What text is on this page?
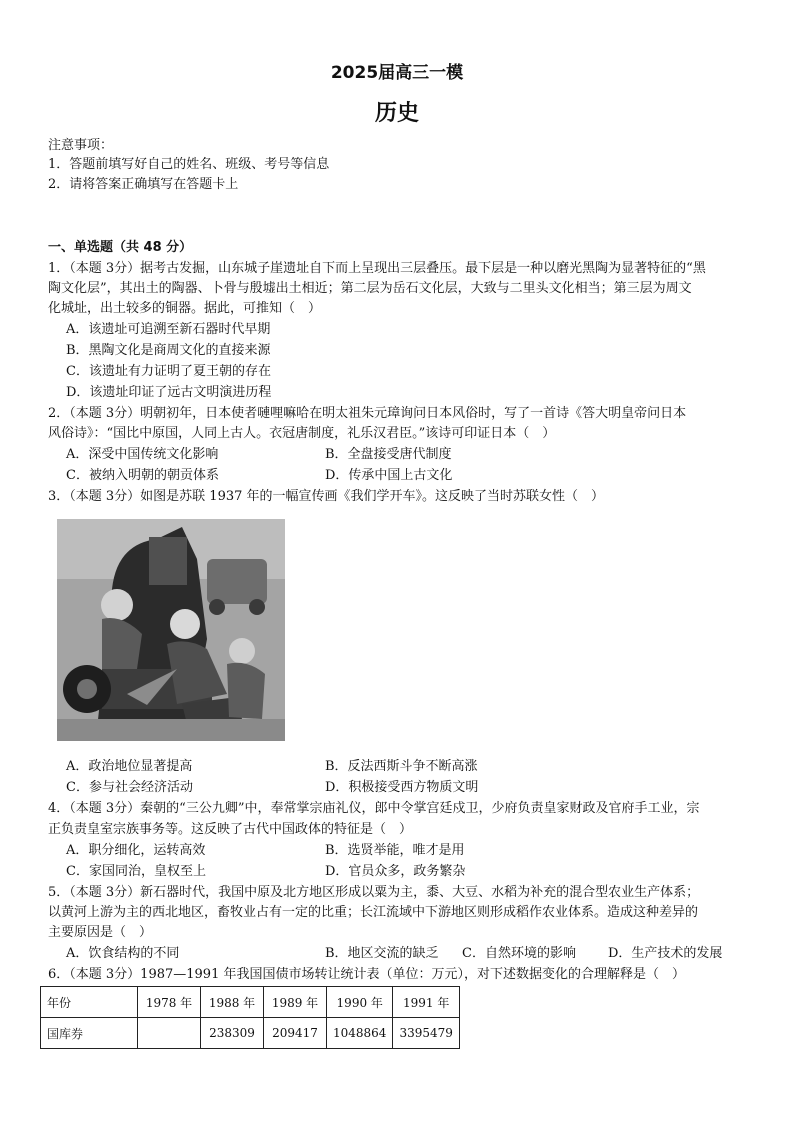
2025届高三一模
历史
注意事项：
1．答题前填写好自己的姓名、班级、考号等信息
2．请将答案正确填写在答题卡上
一、单选题（共 48 分）
1．（本题 3分）据考古发掘，山东城子崖遗址自下而上呈现出三层叠压。最下层是一种以磨光黑陶为显著特征的“黑
陶文化层”，其出土的陶器、卜骨与殷墟出土相近；第二层为岳石文化层，大致与二里头文化相当；第三层为周文
化城址，出土较多的铜器。据此，可推知（　）
A．该遗址可追溯至新石器时代早期
B．黑陶文化是商周文化的直接来源
C．该遗址有力证明了夏王朝的存在
D．该遗址印证了远古文明演进历程
2．（本题 3分）明朝初年，日本使者嗹哩嘛哈在明太祖朱元璋询问日本风俗时，写了一首诗《答大明皇帝问日本
风俗诗》：“国比中原国，人同上古人。衣冠唐制度，礼乐汉君臣。”该诗可印证日本（　）
A．深受中国传统文化影响	B．全盘接受唐代制度
C．被纳入明朝的朝贡体系	D．传承中国上古文化
3．（本题 3分）如图是苏联 1937 年的一幅宣传画《我们学开车》。这反映了当时苏联女性（　）
A．政治地位显著提高	B．反法西斯斗争不断高涨
C．参与社会经济活动	D．积极接受西方物质文明
4．（本题 3分）秦朝的“三公九卿”中，奉常掌宗庙礼仪，郎中令掌宫廷戍卫，少府负责皇家财政及官府手工业，宗
正负责皇室宗族事务等。这反映了古代中国政体的特征是（　）
A．职分细化，运转高效	B．选贤举能，唯才是用
C．家国同治，皇权至上	D．官员众多，政务繁杂
5．（本题 3分）新石器时代，我国中原及北方地区形成以粟为主，黍、大豆、水稻为补充的混合型农业生产体系；
以黄河上游为主的西北地区，畜牧业占有一定的比重；长江流域中下游地区则形成稻作农业体系。造成这种差异的
主要原因是（　）
A．饮食结构的不同	B．地区交流的缺乏 C．自然环境的影响 D．生产技术的发展
6．（本题 3分）1987—1991 年我国国债市场转让统计表（单位：万元），对下述数据变化的合理解释是（　）
年份	1978 年	1988 年	1989 年	1990 年	1991 年
国库券		238309	209417	1048864	3395479
